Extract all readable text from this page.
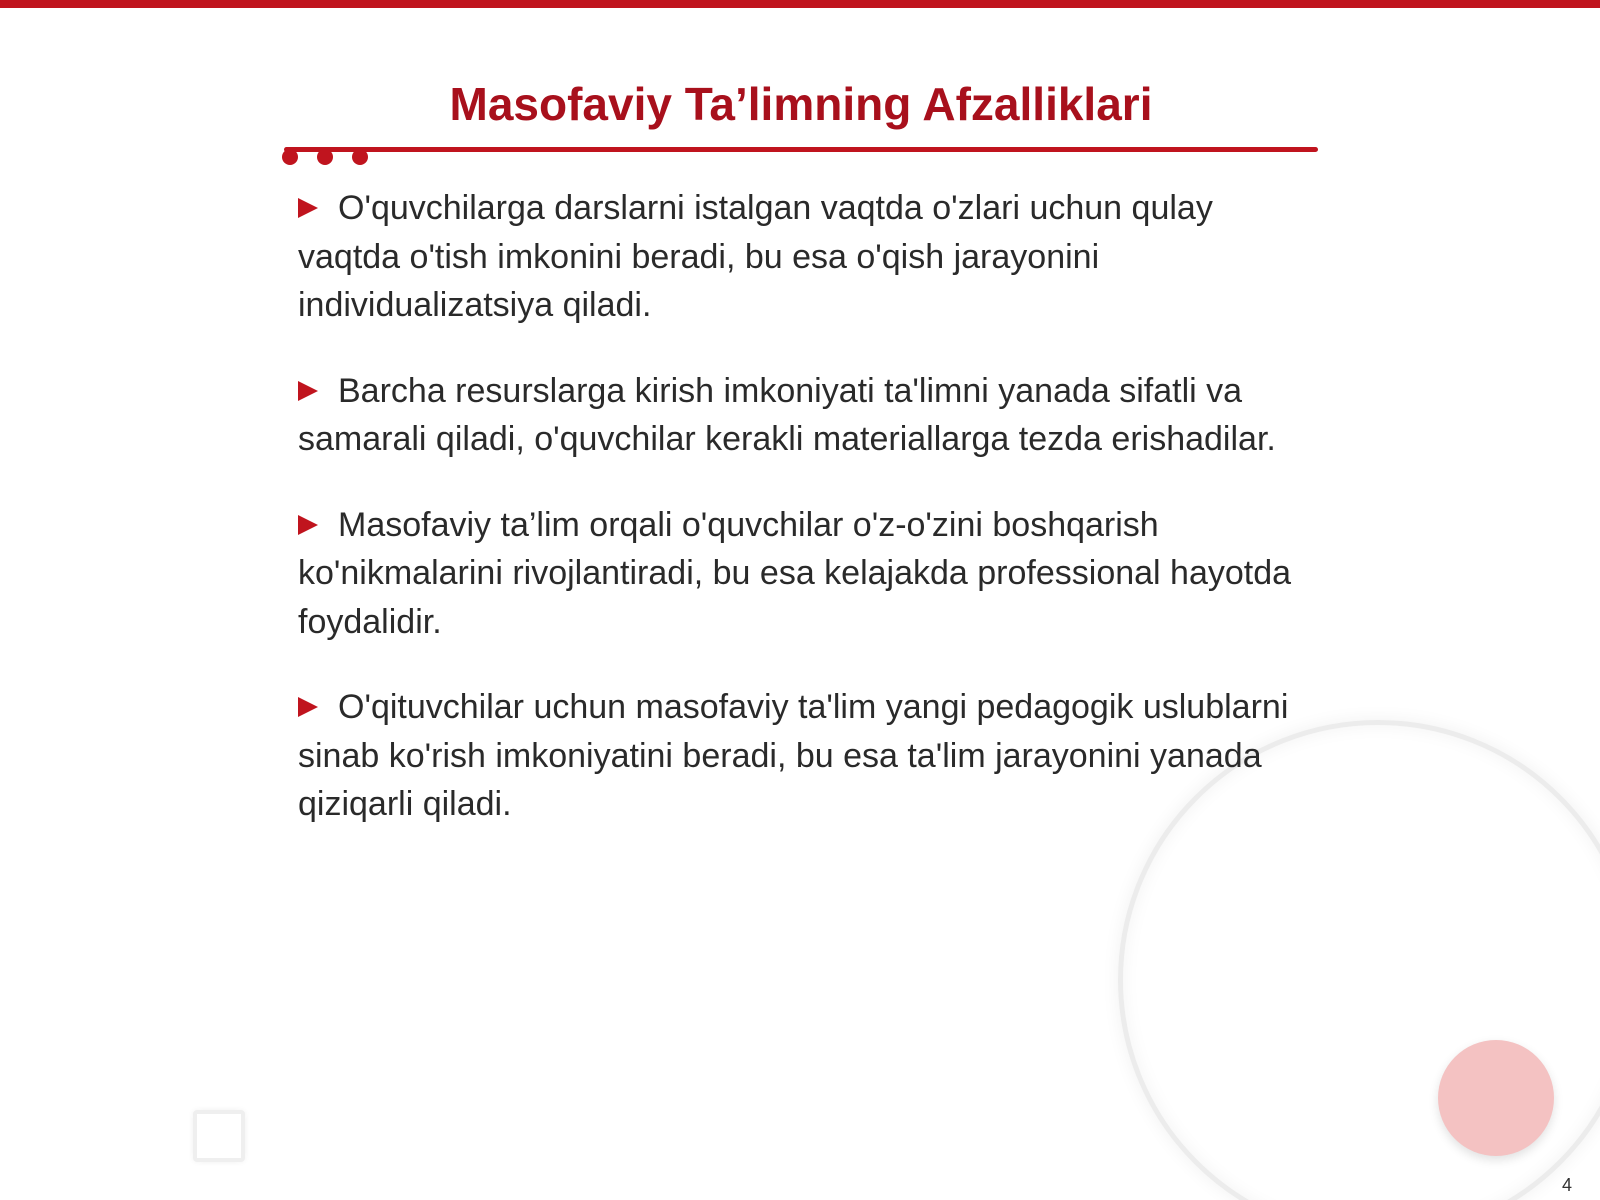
Masofaviy Ta’limning Afzalliklari
O'quvchilarga darslarni istalgan vaqtda o'zlari uchun qulay vaqtda o'tish imkonini beradi, bu esa o'qish jarayonini individualizatsiya qiladi.
Barcha resurslarga kirish imkoniyati ta'limni yanada sifatli va samarali qiladi, o'quvchilar kerakli materiallarga tezda erishadilar.
Masofaviy ta’lim orqali o'quvchilar o'z-o'zini boshqarish ko'nikmalarini rivojlantiradi, bu esa kelajakda professional hayotda foydalidir.
O'qituvchilar uchun masofaviy ta'lim yangi pedagogik uslublarni sinab ko'rish imkoniyatini beradi, bu esa ta'lim jarayonini yanada qiziqarli qiladi.
4
